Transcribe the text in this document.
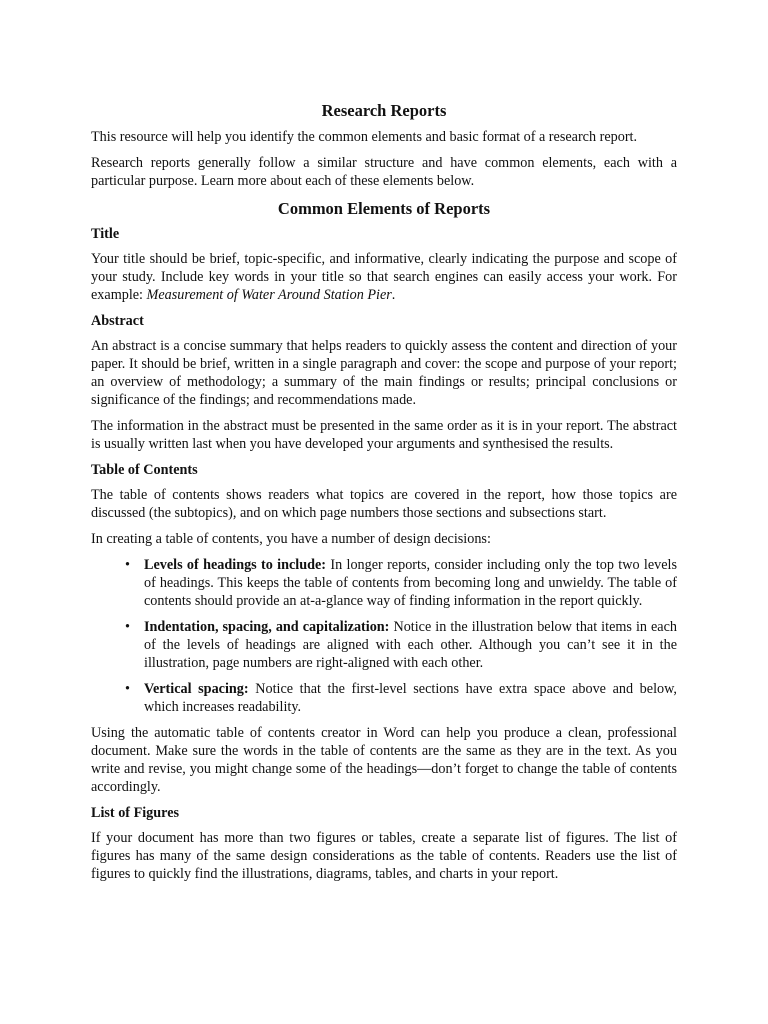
Research Reports

This resource will help you identify the common elements and basic format of a research report.

Research reports generally follow a similar structure and have common elements, each with a particular purpose. Learn more about each of these elements below.

Common Elements of Reports
Title

Your title should be brief, topic-specific, and informative, clearly indicating the purpose and scope of your study. Include key words in your title so that search engines can easily access your work. For example: Measurement of Water Around Station Pier.

Abstract

An abstract is a concise summary that helps readers to quickly assess the content and direction of your paper. It should be brief, written in a single paragraph and cover: the scope and purpose of your report; an overview of methodology; a summary of the main findings or results; principal conclusions or significance of the findings; and recommendations made.

The information in the abstract must be presented in the same order as it is in your report. The abstract is usually written last when you have developed your arguments and synthesised the results.

Table of Contents

The table of contents shows readers what topics are covered in the report, how those topics are discussed (the subtopics), and on which page numbers those sections and subsections start.

In creating a table of contents, you have a number of design decisions:

• Levels of headings to include: In longer reports, consider including only the top two levels of headings. This keeps the table of contents from becoming long and unwieldy. The table of contents should provide an at-a-glance way of finding information in the report quickly.
• Indentation, spacing, and capitalization: Notice in the illustration below that items in each of the levels of headings are aligned with each other. Although you can’t see it in the illustration, page numbers are right-aligned with each other.
• Vertical spacing: Notice that the first-level sections have extra space above and below, which increases readability.

Using the automatic table of contents creator in Word can help you produce a clean, professional document. Make sure the words in the table of contents are the same as they are in the text. As you write and revise, you might change some of the headings—don’t forget to change the table of contents accordingly.

List of Figures

If your document has more than two figures or tables, create a separate list of figures. The list of figures has many of the same design considerations as the table of contents. Readers use the list of figures to quickly find the illustrations, diagrams, tables, and charts in your report.
